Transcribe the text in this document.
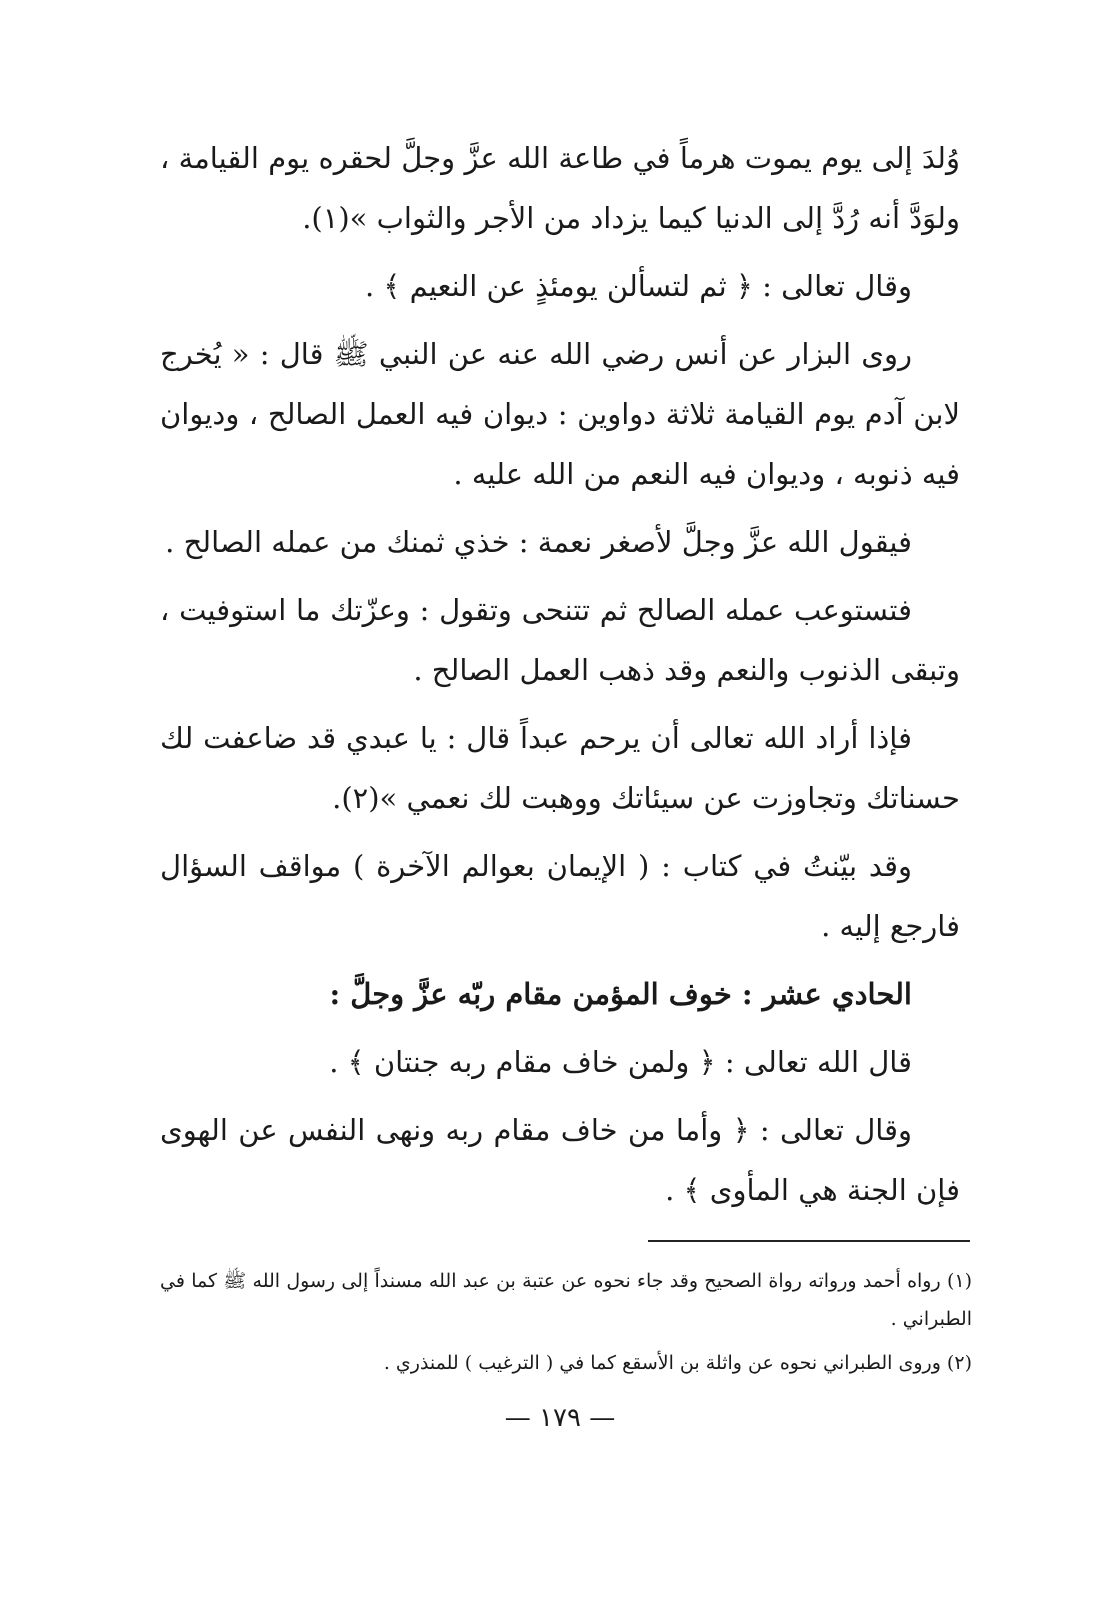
وُلدَ إلى يوم يموت هرماً في طاعة الله عزَّ وجلَّ لحقره يوم القيامة ، ولوَدَّ أنه رُدَّ إلى الدنيا كيما يزداد من الأجر والثواب »(١).

وقال تعالى : ﴿ ثم لتسألن يومئذٍ عن النعيم ﴾ .

روى البزار عن أنس رضي الله عنه عن النبي ﷺ قال : « يُخرج لابن آدم يوم القيامة ثلاثة دواوين : ديوان فيه العمل الصالح ، وديوان فيه ذنوبه ، وديوان فيه النعم من الله عليه .

فيقول الله عزَّ وجلَّ لأصغر نعمة : خذي ثمنك من عمله الصالح .

فتستوعب عمله الصالح ثم تتنحى وتقول : وعزّتك ما استوفيت ، وتبقى الذنوب والنعم وقد ذهب العمل الصالح .

فإذا أراد الله تعالى أن يرحم عبداً قال : يا عبدي قد ضاعفت لك حسناتك وتجاوزت عن سيئاتك ووهبت لك نعمي »(٢).

وقد بيّنتُ في كتاب : ( الإيمان بعوالم الآخرة ) مواقف السؤال فارجع إليه .

الحادي عشر : خوف المؤمن مقام ربّه عزَّ وجلَّ :

قال الله تعالى : ﴿ ولمن خاف مقام ربه جنتان ﴾ .

وقال تعالى : ﴿ وأما من خاف مقام ربه ونهى النفس عن الهوى فإن الجنة هي المأوى ﴾ .

(١) رواه أحمد ورواته رواة الصحيح وقد جاء نحوه عن عتبة بن عبد الله مسنداً إلى رسول الله ﷺ كما في الطبراني .

(٢) وروى الطبراني نحوه عن واثلة بن الأسقع كما في ( الترغيب ) للمنذري .

— ١٧٩ —
